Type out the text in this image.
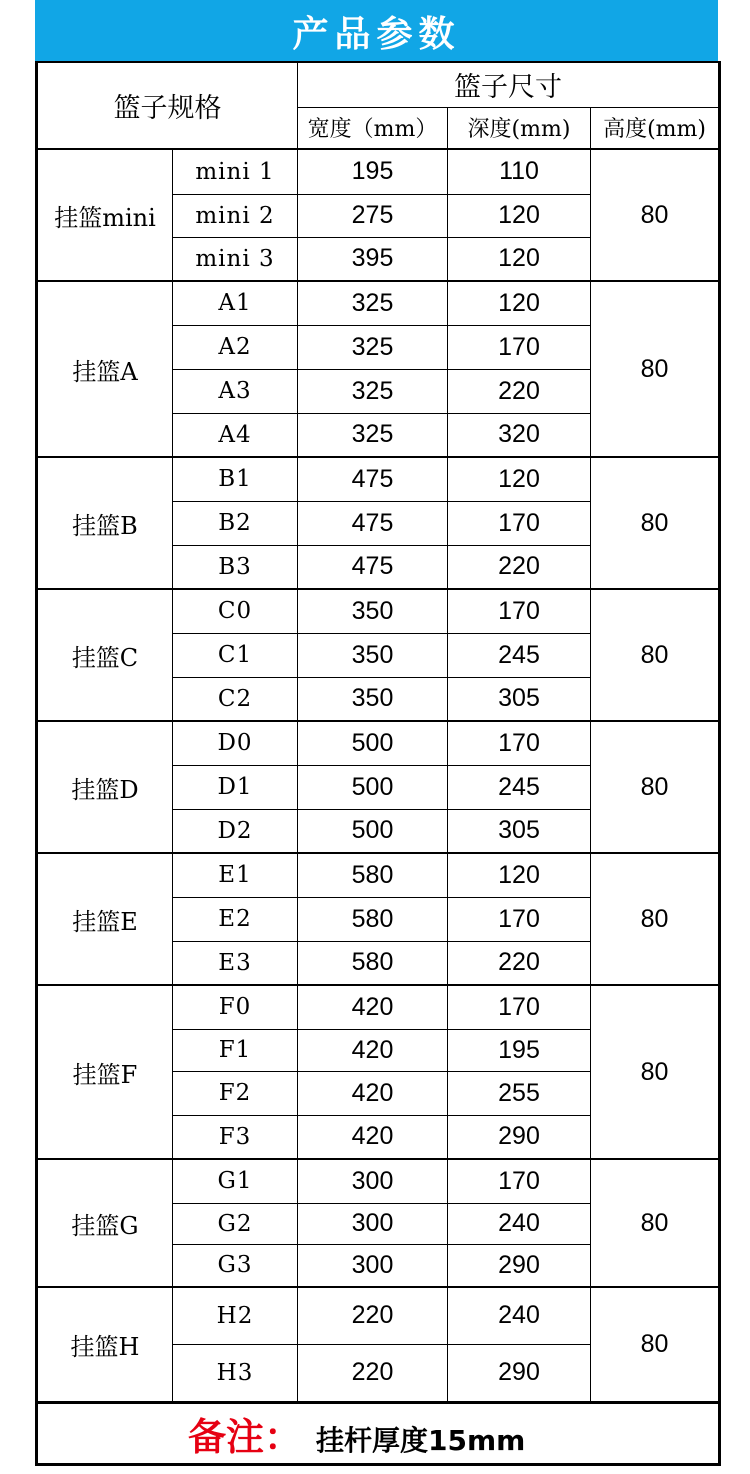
产品参数
篮子规格		篮子尺寸		
		宽度（mm）	深度(mm)	高度(mm)
挂篮mini	mini 1	195	110	80
	mini 2	275	120	
	mini 3	395	120	
挂篮A	A1	325	120	80
	A2	325	170	
	A3	325	220	
	A4	325	320	
挂篮B	B1	475	120	80
	B2	475	170	
	B3	475	220	
挂篮C	C0	350	170	80
	C1	350	245	
	C2	350	305	
挂篮D	D0	500	170	80
	D1	500	245	
	D2	500	305	
挂篮E	E1	580	120	80
	E2	580	170	
	E3	580	220	
挂篮F	F0	420	170	80
	F1	420	195	
	F2	420	255	
	F3	420	290	
挂篮G	G1	300	170	80
	G2	300	240	
	G3	300	290	
挂篮H	H2	220	240	80
	H3	220	290	
备注： 挂杆厚度15mm				
